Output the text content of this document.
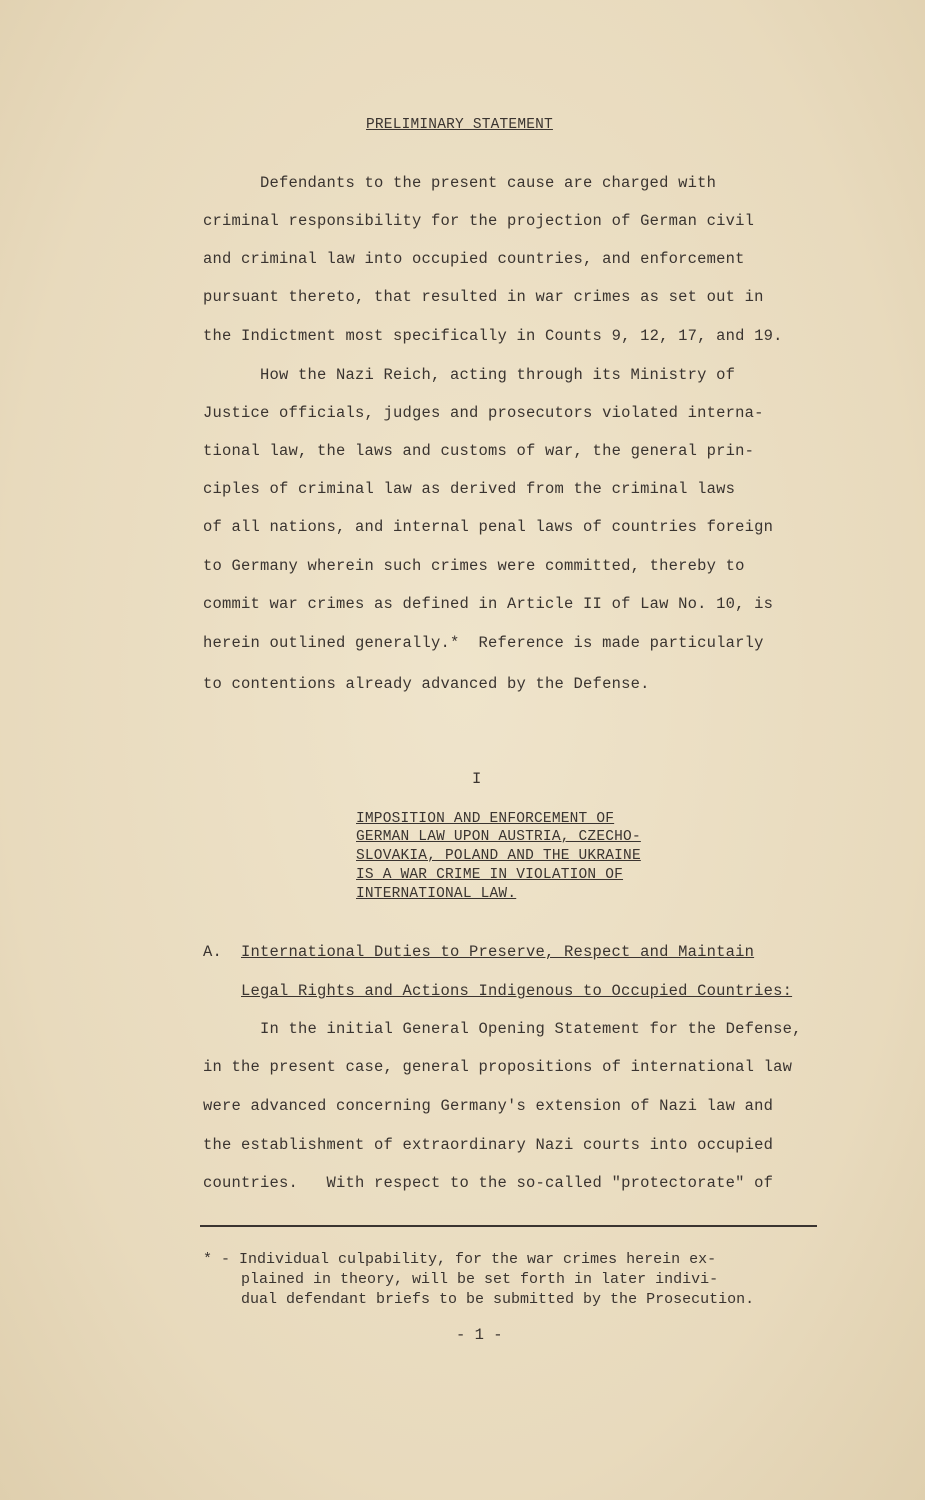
PRELIMINARY STATEMENT
Defendants to the present cause are charged with
criminal responsibility for the projection of German civil
and criminal law into occupied countries, and enforcement
pursuant thereto, that resulted in war crimes as set out in
the Indictment most specifically in Counts 9, 12, 17, and 19.
How the Nazi Reich, acting through its Ministry of
Justice officials, judges and prosecutors violated interna-
tional law, the laws and customs of war, the general prin-
ciples of criminal law as derived from the criminal laws
of all nations, and internal penal laws of countries foreign
to Germany wherein such crimes were committed, thereby to
commit war crimes as defined in Article II of Law No. 10, is
herein outlined generally.*  Reference is made particularly
to contentions already advanced by the Defense.
I
IMPOSITION AND ENFORCEMENT OF
GERMAN LAW UPON AUSTRIA, CZECHO-
SLOVAKIA, POLAND AND THE UKRAINE
IS A WAR CRIME IN VIOLATION OF
INTERNATIONAL LAW.
A. International Duties to Preserve, Respect and Maintain
Legal Rights and Actions Indigenous to Occupied Countries:
In the initial General Opening Statement for the Defense,
in the present case, general propositions of international law
were advanced concerning Germany's extension of Nazi law and
the establishment of extraordinary Nazi courts into occupied
countries.   With respect to the so-called "protectorate" of
* - Individual culpability, for the war crimes herein ex-
plained in theory, will be set forth in later indivi-
dual defendant briefs to be submitted by the Prosecution.
- 1 -
